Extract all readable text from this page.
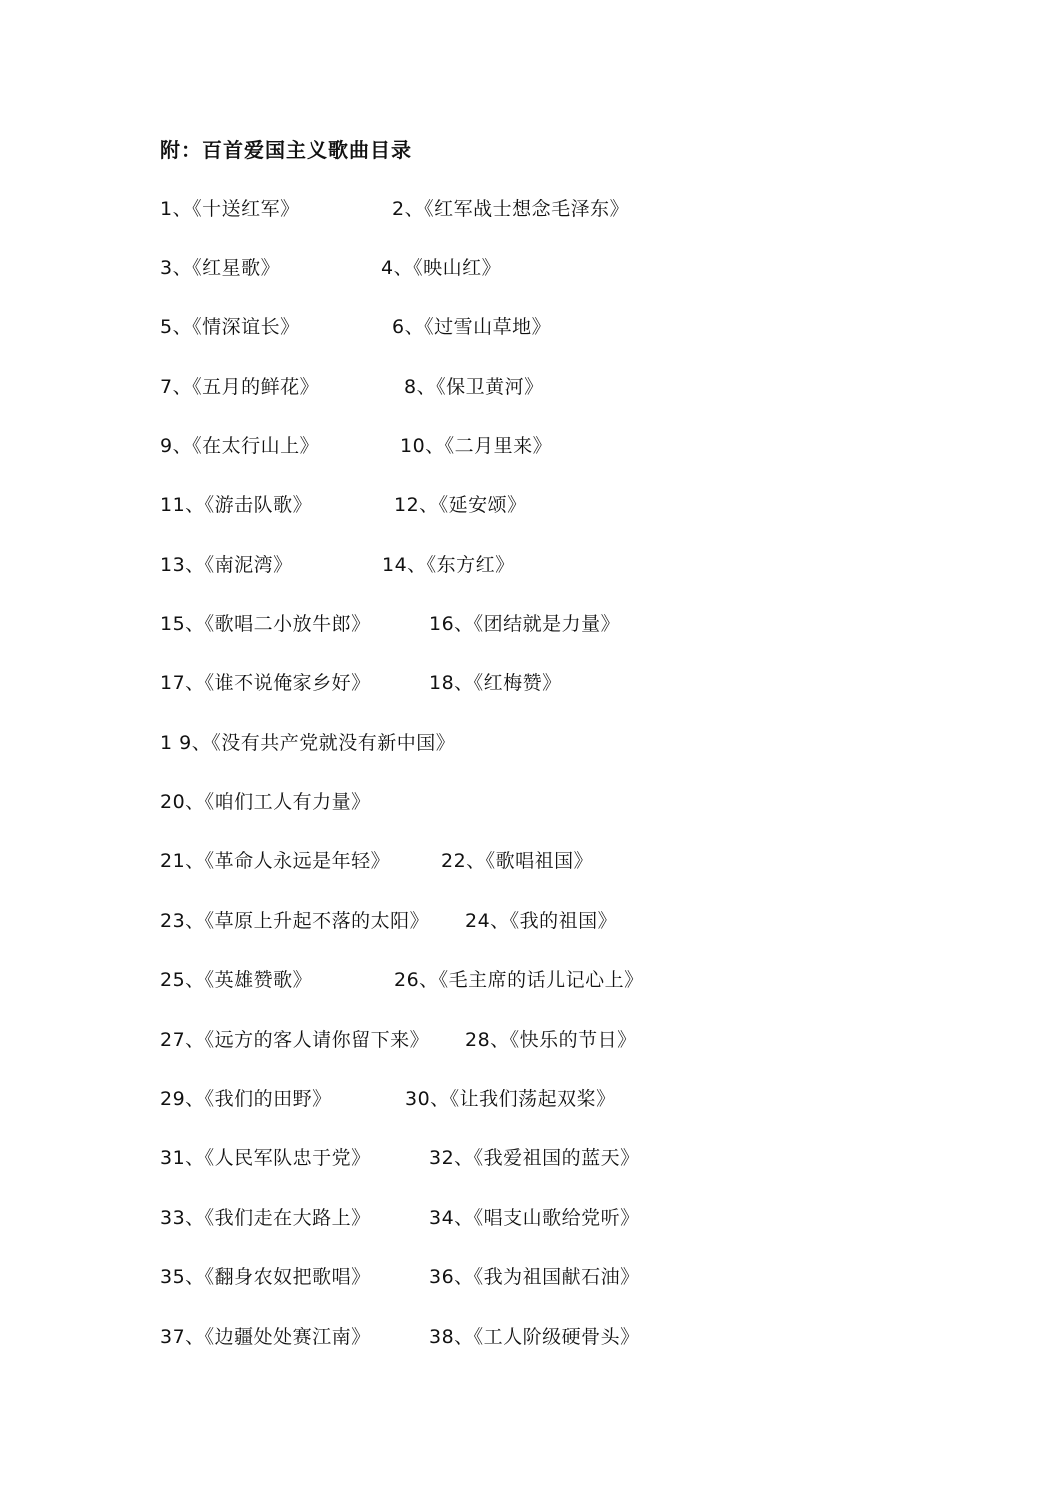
附：百首爱国主义歌曲目录
1、《十送红军》	2、《红军战士想念毛泽东》
3、《红星歌》	4、《映山红》
5、《情深谊长》	6、《过雪山草地》
7、《五月的鲜花》	8、《保卫黄河》
9、《在太行山上》	10、《二月里来》
11、《游击队歌》	12、《延安颂》
13、《南泥湾》	14、《东方红》
15、《歌唱二小放牛郎》	16、《团结就是力量》
17、《谁不说俺家乡好》	18、《红梅赞》
1 9、《没有共产党就没有新中国》
20、《咱们工人有力量》
21、《革命人永远是年轻》	22、《歌唱祖国》
23、《草原上升起不落的太阳》 24、《我的祖国》
25、《英雄赞歌》	26、《毛主席的话儿记心上》
27、《远方的客人请你留下来》 28、《快乐的节日》
29、《我们的田野》	30、《让我们荡起双桨》
31、《人民军队忠于党》	32、《我爱祖国的蓝天》
33、《我们走在大路上》	34、《唱支山歌给党听》
35、《翻身农奴把歌唱》	36、《我为祖国献石油》
37、《边疆处处赛江南》	38、《工人阶级硬骨头》
